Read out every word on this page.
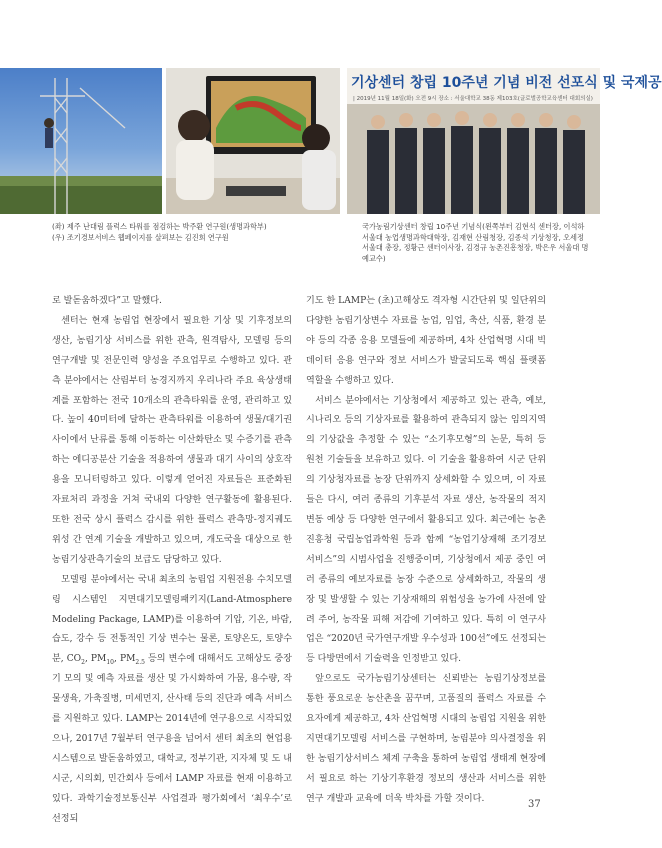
기상센터 창립 10주년 기념 비전 선포식 및 국제공
| 2019년 11월 18일(화) 오전 9시 장소 : 서울대학교 38동 제103호(글로벌공학교육센터 대회의실)
(좌) 제주 난대림 플럭스 타워를 점검하는 박주환 연구원(생명과학부)
(우) 조기경보서비스 웹페이지를 살펴보는 김진희 연구원
국가농림기상센터 창립 10주년 기념식(왼쪽부터 김현석 센터장, 이석하 서울대 농업생명과학대학장, 김재현 산림청장, 김종석 기상청장, 오세정 서울대 총장, 정황근 센터이사장, 김경규 농촌진흥청장, 박은우 서울대 명예교수)

로 발돋움하겠다”고 말했다.

센터는 현재 농림업 현장에서 필요한 기상 및 기후정보의 생산, 농림기상 서비스를 위한 관측, 원격탐사, 모델링 등의 연구개발 및 전문인력 양성을 주요업무로 수행하고 있다. 관측 분야에서는 산림부터 농경지까지 우리나라 주요 육상생태계를 포함하는 전국 10개소의 관측타워를 운영, 관리하고 있다. 높이 40미터에 달하는 관측타워를 이용하여 생물/대기권 사이에서 난류를 통해 이동하는 이산화탄소 및 수증기를 관측하는 에디공분산 기술을 적용하여 생물과 대기 사이의 상호작용을 모니터링하고 있다. 이렇게 얻어진 자료들은 표준화된 자료처리 과정을 거쳐 국내외 다양한 연구활동에 활용된다. 또한 전국 상시 플럭스 감시를 위한 플럭스 관측망-정지궤도 위성 간 연계 기술을 개발하고 있으며, 개도국을 대상으로 한 농림기상관측기술의 보급도 담당하고 있다.

모델링 분야에서는 국내 최초의 농림업 지원전용 수치모델링 시스템인 지면대기모델링패키지(Land-Atmosphere Modeling Package, LAMP)를 이용하여 기압, 기온, 바람, 습도, 강수 등 전통적인 기상 변수는 물론, 토양온도, 토양수분, $CO_2$, $PM_{10}$, $PM_{2.5}$ 등의 변수에 대해서도 고해상도 중장기 모의 및 예측 자료를 생산 및 가시화하여 가뭄, 용수량, 작물생육, 가축질병, 미세먼지, 산사태 등의 진단과 예측 서비스를 지원하고 있다. LAMP는 2014년에 연구용으로 시작되었으나, 2017년 7월부터 연구용을 넘어서 센터 최초의 현업용 시스템으로 발돋움하였고, 대학교, 정부기관, 지자체 및 도 내 시군, 시의회, 민간회사 등에서 LAMP 자료를 현재 이용하고 있다. 과학기술정보통신부 사업결과 평가회에서 ‘최우수’로 선정되

기도 한 LAMP는 (초)고해상도 격자형 시간단위 및 일단위의 다양한 농림기상변수 자료를 농업, 임업, 축산, 식품, 환경 분야 등의 각종 응용 모델들에 제공하며, 4차 산업혁명 시대 빅데이터 응용 연구와 정보 서비스가 발굴되도록 핵심 플랫폼 역할을 수행하고 있다.

서비스 분야에서는 기상청에서 제공하고 있는 관측, 예보, 시나리오 등의 기상자료를 활용하여 관측되지 않는 임의지역의 기상값을 추정할 수 있는 “소기후모형”의 논문, 특허 등 원천 기술들을 보유하고 있다. 이 기술을 활용하여 시군 단위의 기상청자료를 농장 단위까지 상세화할 수 있으며, 이 자료들은 다시, 여러 종류의 기후분석 자료 생산, 농작물의 적지 변동 예상 등 다양한 연구에서 활용되고 있다. 최근에는 농촌진흥청 국립농업과학원 등과 함께 “농업기상재해 조기경보 서비스”의 시범사업을 진행중이며, 기상청에서 제공 중인 여러 종류의 예보자료를 농장 수준으로 상세화하고, 작물의 생장 및 발생할 수 있는 기상재해의 위험성을 농가에 사전에 알려 주어, 농작물 피해 저감에 기여하고 있다. 특히 이 연구사업은 “2020년 국가연구개발 우수성과 100선”에도 선정되는 등 다방면에서 기술력을 인정받고 있다.

앞으로도 국가농림기상센터는 신뢰받는 농림기상정보를 통한 풍요로운 농산촌을 꿈꾸며, 고품질의 플럭스 자료를 수요자에게 제공하고, 4차 산업혁명 시대의 농림업 지원을 위한 지면대기모델링 서비스를 구현하며, 농림분야 의사결정을 위한 농림기상서비스 체계 구축을 통하여 농림업 생태계 현장에서 필요로 하는 기상기후환경 정보의 생산과 서비스를 위한 연구 개발과 교육에 더욱 박차를 가할 것이다.

37
